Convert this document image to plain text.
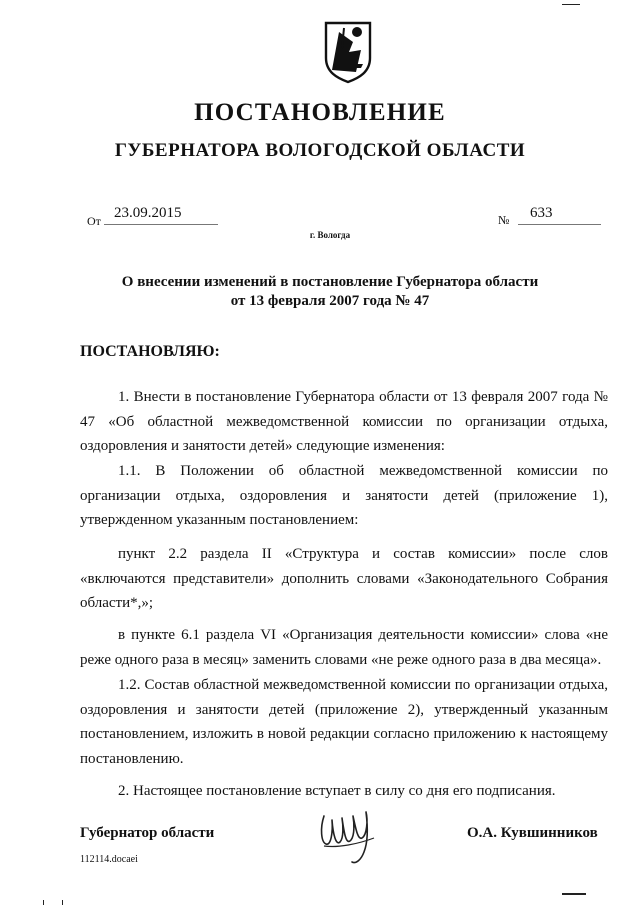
ПОСТАНОВЛЕНИЕ
ГУБЕРНАТОРА ВОЛОГОДСКОЙ ОБЛАСТИ
От 23.09.2015	№	633
г. Вологда
О внесении изменений в постановление Губернатора области
от 13 февраля 2007 года № 47
ПОСТАНОВЛЯЮ:

1. Внести в постановление Губернатора области от 13 февраля 2007 года № 47 «Об областной межведомственной комиссии по организации отдыха, оздоровления и занятости детей» следующие изменения:

1.1. В Положении об областной межведомственной комиссии по организации отдыха, оздоровления и занятости детей (приложение 1), утвержденном указанным постановлением:

пункт 2.2 раздела II «Структура и состав комиссии» после слов «включаются представители» дополнить словами «Законодательного Собрания области*,»;

в пункте 6.1 раздела VI «Организация деятельности комиссии» слова «не реже одного раза в месяц» заменить словами «не реже одного раза в два месяца».

1.2. Состав областной межведомственной комиссии по организации отдыха, оздоровления и занятости детей (приложение 2), утвержденный указанным постановлением, изложить в новой редакции согласно приложению к настоящему постановлению.

2. Настоящее постановление вступает в силу со дня его подписания.

Губернатор области	О.А. Кувшинников
112114.docaei
